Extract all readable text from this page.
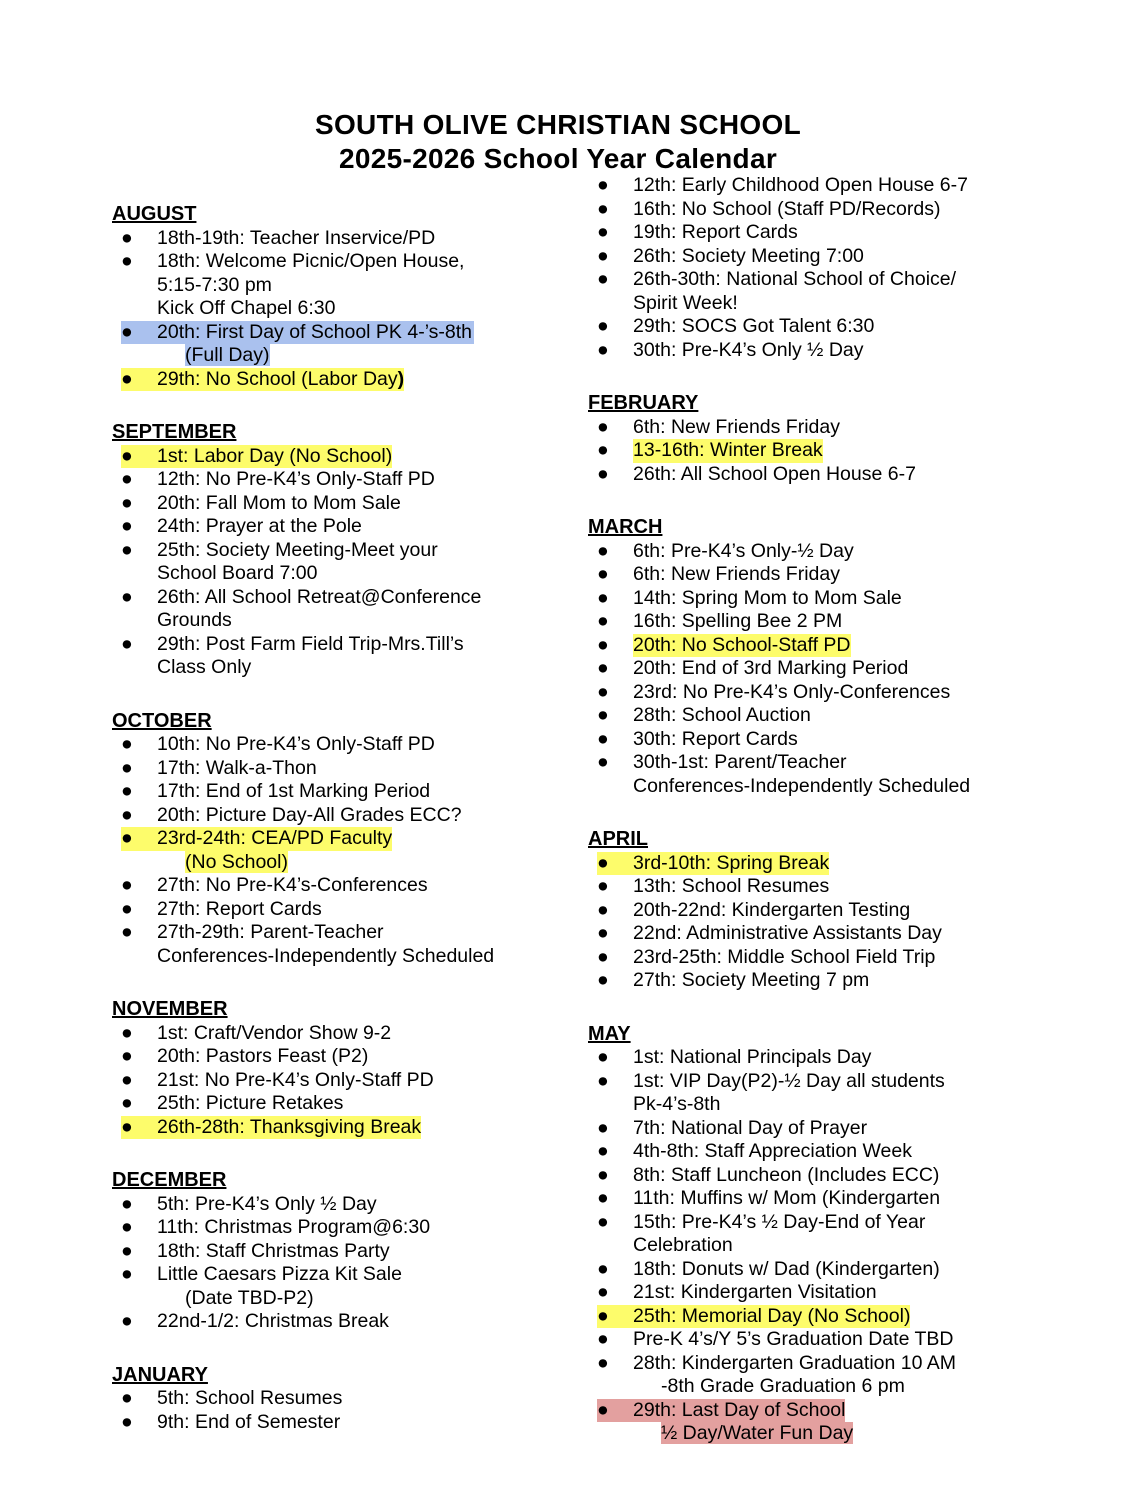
SOUTH OLIVE CHRISTIAN SCHOOL
2025-2026 School Year Calendar
AUGUST
● 18th-19th: Teacher Inservice/PD
● 18th: Welcome Picnic/Open House,
5:15-7:30 pm
Kick Off Chapel 6:30
● 20th: First Day of School PK 4-’s-8th
(Full Day)
● 29th: No School (Labor Day)
SEPTEMBER
● 1st: Labor Day (No School)
● 12th: No Pre-K4’s Only-Staff PD
● 20th: Fall Mom to Mom Sale
● 24th: Prayer at the Pole
● 25th: Society Meeting-Meet your
School Board 7:00
● 26th: All School Retreat@Conference
Grounds
● 29th: Post Farm Field Trip-Mrs.Till’s
Class Only
OCTOBER
● 10th: No Pre-K4’s Only-Staff PD
● 17th: Walk-a-Thon
● 17th: End of 1st Marking Period
● 20th: Picture Day-All Grades ECC?
● 23rd-24th: CEA/PD Faculty
(No School)
● 27th: No Pre-K4’s-Conferences
● 27th: Report Cards
● 27th-29th: Parent-Teacher
Conferences-Independently Scheduled
NOVEMBER
● 1st: Craft/Vendor Show 9-2
● 20th: Pastors Feast (P2)
● 21st: No Pre-K4’s Only-Staff PD
● 25th: Picture Retakes
● 26th-28th: Thanksgiving Break
DECEMBER
● 5th: Pre-K4’s Only ½ Day
● 11th: Christmas Program@6:30
● 18th: Staff Christmas Party
● Little Caesars Pizza Kit Sale
(Date TBD-P2)
● 22nd-1/2: Christmas Break
JANUARY
● 5th: School Resumes
● 9th: End of Semester
● 12th: Early Childhood Open House 6-7
● 16th: No School (Staff PD/Records)
● 19th: Report Cards
● 26th: Society Meeting 7:00
● 26th-30th: National School of Choice/
Spirit Week!
● 29th: SOCS Got Talent 6:30
● 30th: Pre-K4’s Only ½ Day
FEBRUARY
● 6th: New Friends Friday
● 13-16th: Winter Break
● 26th: All School Open House 6-7
MARCH
● 6th: Pre-K4’s Only-½ Day
● 6th: New Friends Friday
● 14th: Spring Mom to Mom Sale
● 16th: Spelling Bee 2 PM
● 20th: No School-Staff PD
● 20th: End of 3rd Marking Period
● 23rd: No Pre-K4’s Only-Conferences
● 28th: School Auction
● 30th: Report Cards
● 30th-1st: Parent/Teacher
Conferences-Independently Scheduled
APRIL
● 3rd-10th: Spring Break
● 13th: School Resumes
● 20th-22nd: Kindergarten Testing
● 22nd: Administrative Assistants Day
● 23rd-25th: Middle School Field Trip
● 27th: Society Meeting 7 pm
MAY
● 1st: National Principals Day
● 1st: VIP Day(P2)-½ Day all students
Pk-4’s-8th
● 7th: National Day of Prayer
● 4th-8th: Staff Appreciation Week
● 8th: Staff Luncheon (Includes ECC)
● 11th: Muffins w/ Mom (Kindergarten
● 15th: Pre-K4’s ½ Day-End of Year
Celebration
● 18th: Donuts w/ Dad (Kindergarten)
● 21st: Kindergarten Visitation
● 25th: Memorial Day (No School)
● Pre-K 4’s/Y 5’s Graduation Date TBD
● 28th: Kindergarten Graduation 10 AM
-8th Grade Graduation 6 pm
● 29th: Last Day of School
½ Day/Water Fun Day
